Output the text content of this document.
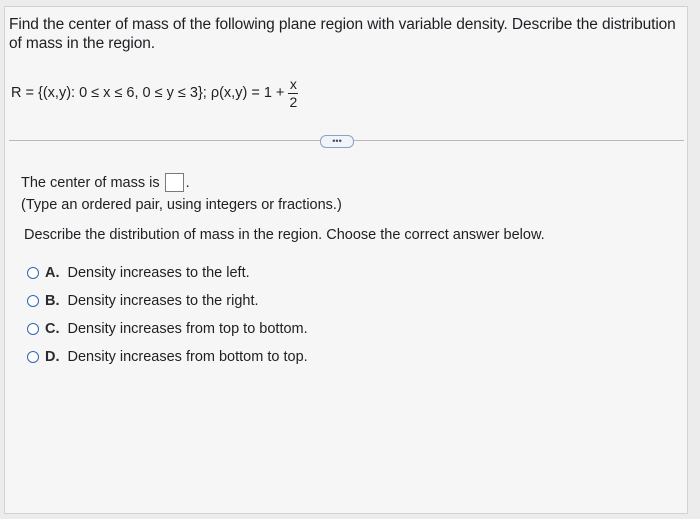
Find the center of mass of the following plane region with variable density. Describe the distribution of mass in the region.
R = {(x,y): 0 ≤ x ≤ 6, 0 ≤ y ≤ 3}; $\rho(x,y) = 1 + \frac{x}{2}$
•••
The center of mass is .
(Type an ordered pair, using integers or fractions.)
Describe the distribution of mass in the region. Choose the correct answer below.
A. Density increases to the left.
B. Density increases to the right.
C. Density increases from top to bottom.
D. Density increases from bottom to top.
